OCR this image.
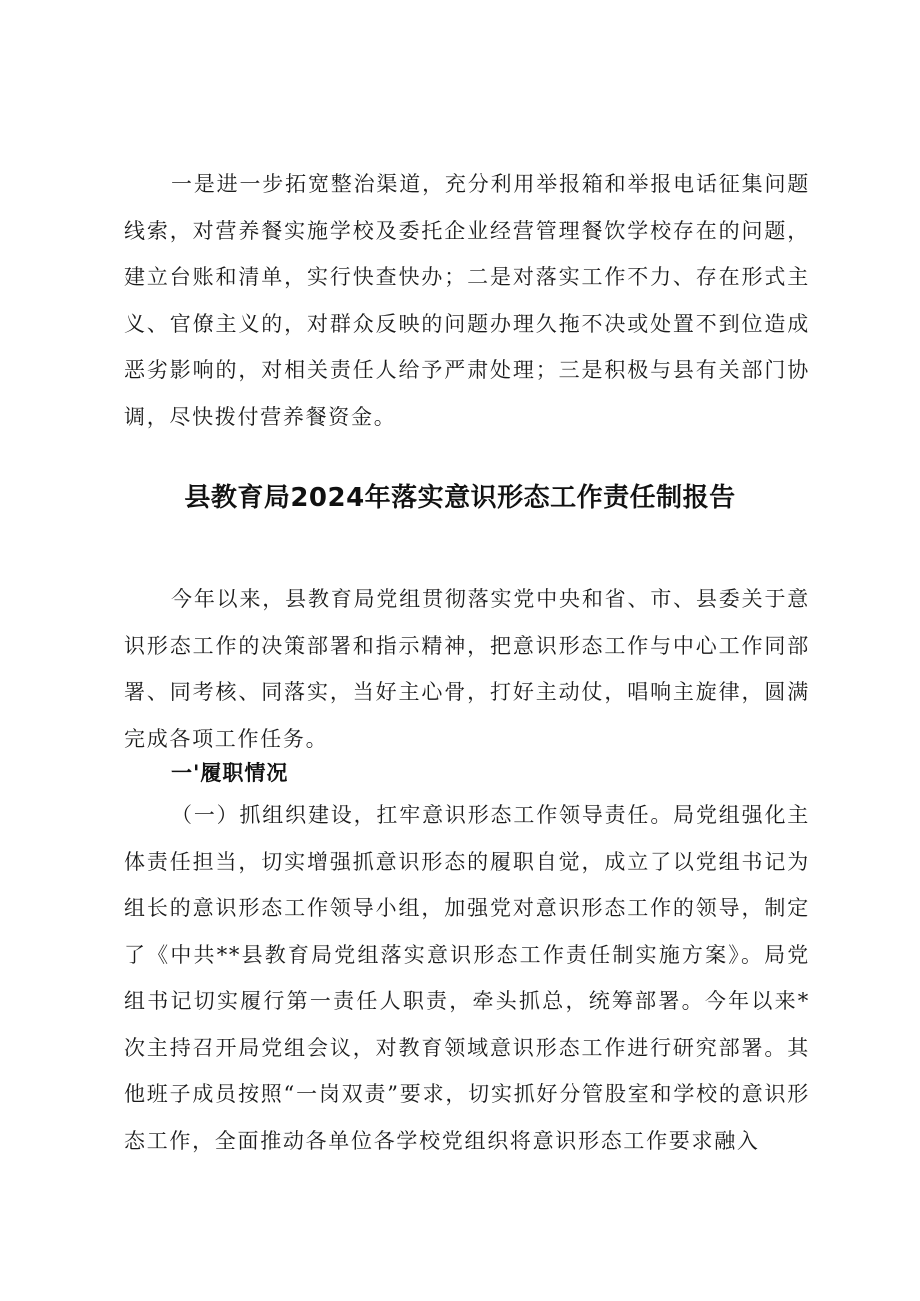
一是进一步拓宽整治渠道，充分利用举报箱和举报电话征集问题线索，对营养餐实施学校及委托企业经营管理餐饮学校存在的问题，建立台账和清单，实行快查快办；二是对落实工作不力、存在形式主义、官僚主义的，对群众反映的问题办理久拖不决或处置不到位造成恶劣影响的，对相关责任人给予严肃处理；三是积极与县有关部门协调，尽快拨付营养餐资金。

县教育局2024年落实意识形态工作责任制报告

今年以来，县教育局党组贯彻落实党中央和省、市、县委关于意识形态工作的决策部署和指示精神，把意识形态工作与中心工作同部署、同考核、同落实，当好主心骨，打好主动仗，唱响主旋律，圆满完成各项工作任务。

一'履职情况

（一）抓组织建设，扛牢意识形态工作领导责任。局党组强化主体责任担当，切实增强抓意识形态的履职自觉，成立了以党组书记为组长的意识形态工作领导小组，加强党对意识形态工作的领导，制定了《中共**县教育局党组落实意识形态工作责任制实施方案》。局党组书记切实履行第一责任人职责，牵头抓总，统筹部署。今年以来*次主持召开局党组会议，对教育领域意识形态工作进行研究部署。其他班子成员按照“一岗双责”要求，切实抓好分管股室和学校的意识形态工作，全面推动各单位各学校党组织将意识形态工作要求融入
